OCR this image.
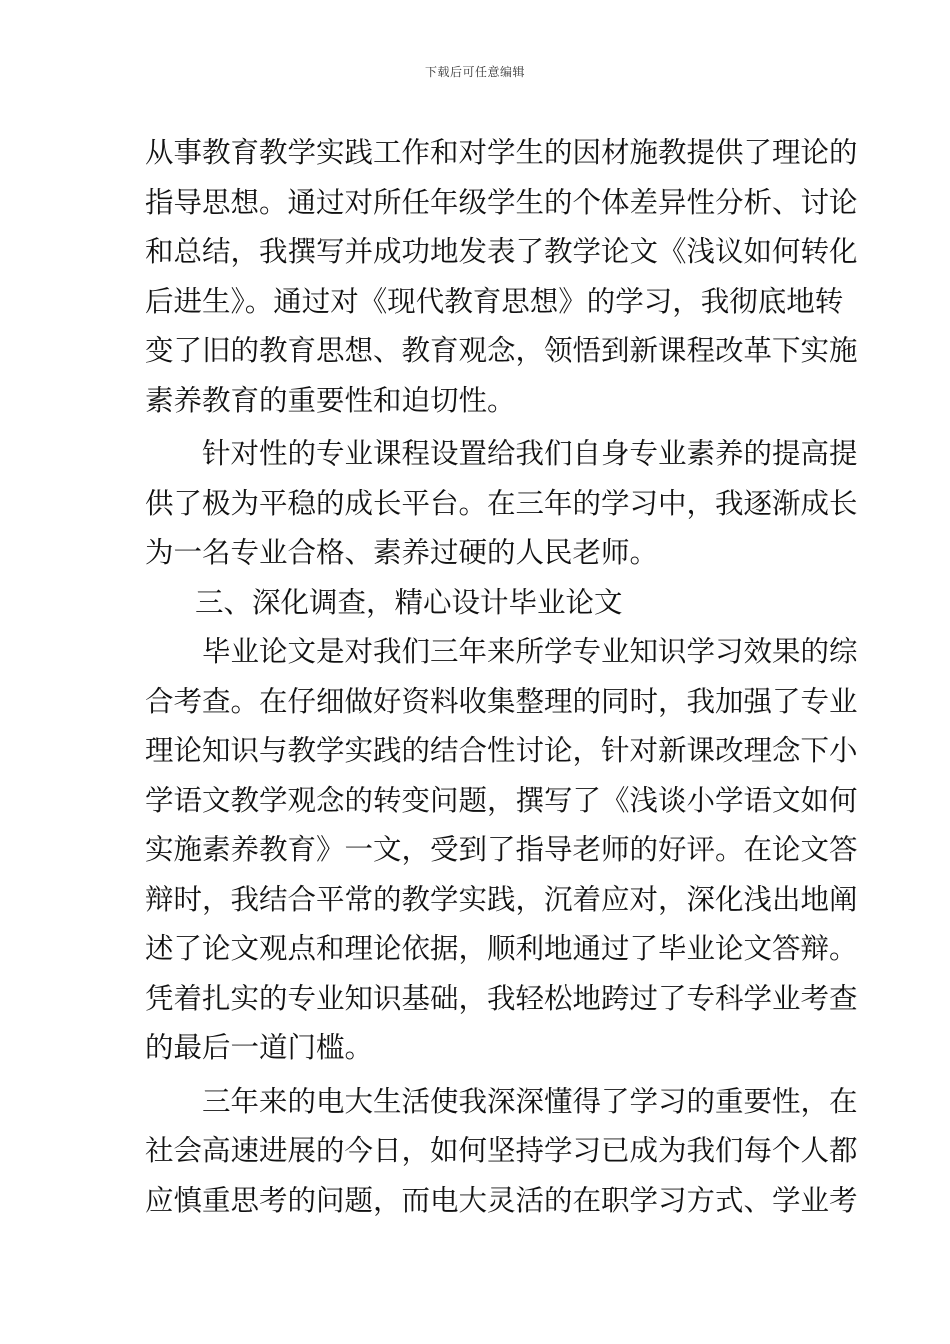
下载后可任意编辑
从事教育教学实践工作和对学生的因材施教提供了理论的
指导思想。通过对所任年级学生的个体差异性分析、讨论
和总结，我撰写并成功地发表了教学论文《浅议如何转化
后进生》。通过对《现代教育思想》的学习，我彻底地转
变了旧的教育思想、教育观念，领悟到新课程改革下实施
素养教育的重要性和迫切性。
针对性的专业课程设置给我们自身专业素养的提高提
供了极为平稳的成长平台。在三年的学习中，我逐渐成长
为一名专业合格、素养过硬的人民老师。
三、深化调查，精心设计毕业论文
毕业论文是对我们三年来所学专业知识学习效果的综
合考查。在仔细做好资料收集整理的同时，我加强了专业
理论知识与教学实践的结合性讨论，针对新课改理念下小
学语文教学观念的转变问题，撰写了《浅谈小学语文如何
实施素养教育》一文，受到了指导老师的好评。在论文答
辩时，我结合平常的教学实践，沉着应对，深化浅出地阐
述了论文观点和理论依据，顺利地通过了毕业论文答辩。
凭着扎实的专业知识基础，我轻松地跨过了专科学业考查
的最后一道门槛。
三年来的电大生活使我深深懂得了学习的重要性，在
社会高速进展的今日，如何坚持学习已成为我们每个人都
应慎重思考的问题，而电大灵活的在职学习方式、学业考
